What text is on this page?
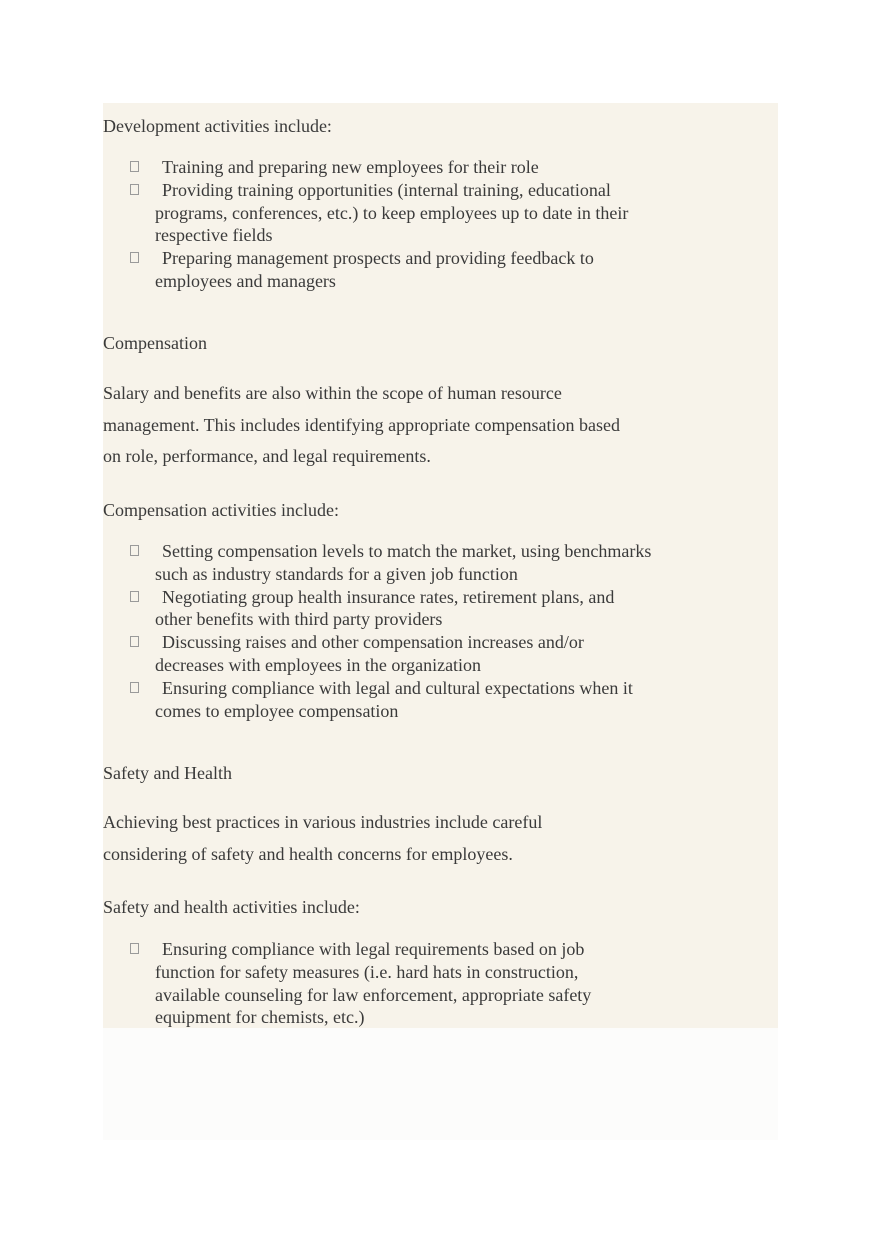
Development activities include:
Training and preparing new employees for their role
Providing training opportunities (internal training, educational programs, conferences, etc.) to keep employees up to date in their respective fields
Preparing management prospects and providing feedback to employees and managers
Compensation
Salary and benefits are also within the scope of human resource management. This includes identifying appropriate compensation based on role, performance, and legal requirements.
Compensation activities include:
Setting compensation levels to match the market, using benchmarks such as industry standards for a given job function
Negotiating group health insurance rates, retirement plans, and other benefits with third party providers
Discussing raises and other compensation increases and/or decreases with employees in the organization
Ensuring compliance with legal and cultural expectations when it comes to employee compensation
Safety and Health
Achieving best practices in various industries include careful considering of safety and health concerns for employees.
Safety and health activities include:
Ensuring compliance with legal requirements based on job function for safety measures (i.e. hard hats in construction, available counseling for law enforcement, appropriate safety equipment for chemists, etc.)
